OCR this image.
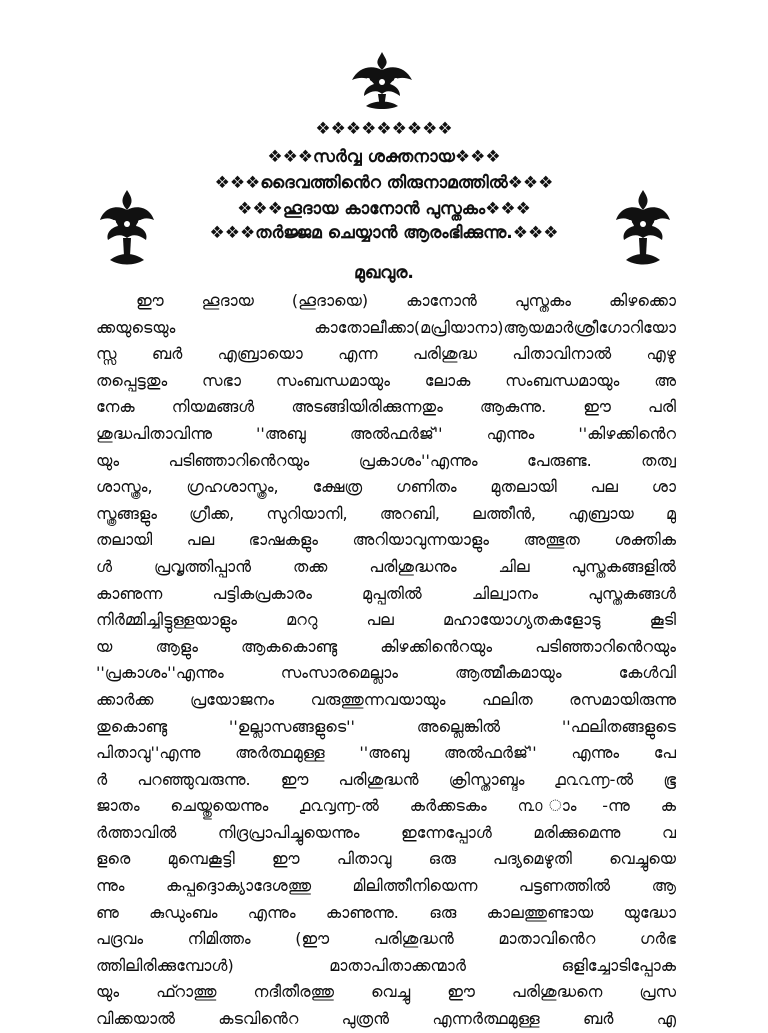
❖❖❖❖❖❖❖❖❖
❖❖❖സർവ്വ ശക്തനായ❖❖❖
❖❖❖ദൈവത്തിൻെറ തിരുനാമത്തിൽ❖❖❖
❖❖❖ഹൂദായ കാനോൻ പുസ്തകം❖❖❖
❖❖❖തർജ്ജമ ചെയ്യാൻ ആരംഭിക്കുന്നു.❖❖❖
മുഖവുര.
ഈ ഹൂദായ (ഹൂദായെ) കാനോൻ പുസ്തകം കിഴക്കൊ
ക്കയുടെയും കാതോലീക്കാ(മപ്രിയാനാ)ആയമാർശ്രീഗോറിയോ
സ്സ ബർ എബ്രായൊ എന്ന പരിശുദ്ധ പിതാവിനാൽ എഴു
തപ്പെട്ടതും സഭാ സംബന്ധമായും ലോക സംബന്ധമായും അ
നേക നിയമങ്ങൾ അടങ്ങിയിരിക്കുന്നതും ആകുന്നു. ഈ പരി
ശുദ്ധപിതാവിന്നു ''അബു അൽഫർജ്'' എന്നും ''കിഴക്കിൻെറ
യും പടിഞ്ഞാറിൻെറയും പ്രകാശം''എന്നും പേരുണ്ട. തത്വ
ശാസ്ത്രം, ഗ്രഹശാസ്ത്രം, ക്ഷേത്ര ഗണിതം മുതലായി പല ശാ
സ്ത്രങ്ങളും ഗ്രീക്ക, സുറിയാനി, അറബി, ലത്തീൻ, എബ്രായ മു
തലായി പല ഭാഷകളും അറിയാവുന്നയാളും അത്ഭുത ശക്തിക
ൾ പ്രവൃത്തിപ്പാൻ തക്ക പരിശുദ്ധനും ചില പുസ്തകങ്ങളിൽ
കാണുന്ന പട്ടികപ്രകാരം മുപ്പതിൽ ചില്വാനം പുസ്തകങ്ങൾ
നിർമ്മിച്ചിട്ടുള്ളയാളും മററു പല മഹായോഗ്യതകളോടു കൂടി
യ ആളും ആകകൊണ്ടു കിഴക്കിൻെറയും പടിഞ്ഞാറിൻെറയും
''പ്രകാശം''എന്നും സംസാരമെല്ലാം ആത്മീകമായും കേൾവി
ക്കാർക്ക പ്രയോജനം വരുത്തുന്നവയായും ഫലിത രസമായിരുന്നു
തുകൊണ്ടു ''ഉല്ലാസങ്ങളുടെ'' അല്ലെങ്കിൽ ''ഫലിതങ്ങളുടെ
പിതാവു''എന്നു അർത്ഥമുള്ള ''അബു അൽഫർജ്'' എന്നും പേ
ർ പറഞ്ഞുവരുന്നു. ഈ പരിശുദ്ധൻ ക്രിസ്താബ്ദം ൧൨൨൬-ൽ ഭൂ
ജാതം ചെയ്തുയെന്നും ൧൨൮൬-ൽ കർക്കടകം ൩൦ ാം-ന്നു ക
ർത്താവിൽ നിദ്രപ്രാപിച്ചുയെന്നും ഇന്നേപ്പോൾ മരിക്കുമെന്നു വ
ളരെ മുമ്പെകൂട്ടി ഈ പിതാവു ഒരു പദ്യമെഴുതി വെച്ചുയെ
ന്നും കപ്പദ്ദൊക്യാദേശത്തു മിലിത്തീനിയെന്ന പട്ടണത്തിൽ ആ
ണു കുഡുംബം എന്നും കാണുന്നു. ഒരു കാലത്തുണ്ടായ യുദ്ധോ
പദ്രവം നിമിത്തം (ഈ പരിശുദ്ധൻ മാതാവിൻെറ ഗർഭ
ത്തിലിരിക്കുമ്പോൾ) മാതാപിതാക്കന്മാർ ഒളിച്ചോടിപ്പോക
യും ഫ്റാത്തു നദീതീരത്തു വെച്ചു ഈ പരിശുദ്ധനെ പ്രസ
വിക്കയാൽ കടവിൻെറ പുത്രൻ എന്നർത്ഥമുള്ള ബർ എ
